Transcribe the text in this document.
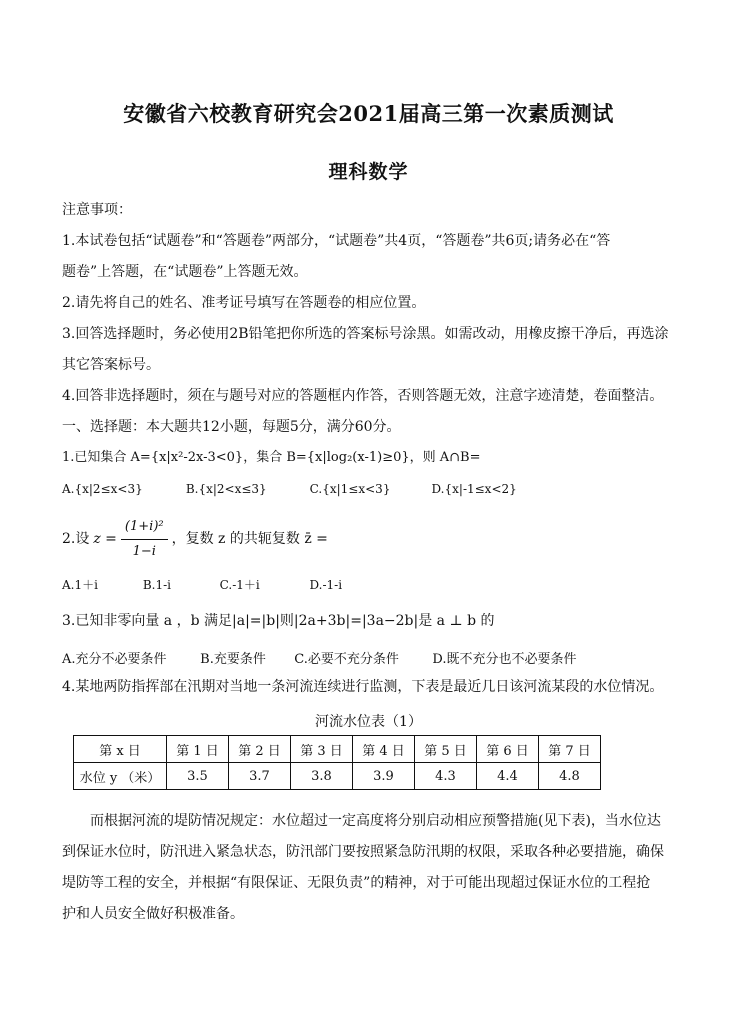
安徽省六校教育研究会2021届高三第一次素质测试
理科数学
注意事项：
1.本试卷包括“试题卷”和“答题卷”两部分，“试题卷”共4页，“答题卷”共6页;请务必在“答
题卷”上答题，在“试题卷”上答题无效。
2.请先将自己的姓名、准考证号填写在答题卷的相应位置。
3.回答选择题时，务必使用2B铅笔把你所选的答案标号涂黑。如需改动，用橡皮擦干净后，再选涂
其它答案标号。
4.回答非选择题时，须在与题号对应的答题框内作答，否则答题无效，注意字迹清楚，卷面整洁。
一、选择题：本大题共12小题，每题5分，满分60分。
1.已知集合 A={x|x²-2x-3<0}，集合 B={x|log₂(x-1)≥0}，则 A∩B=
A.{x|2≤x<3}	B.{x|2<x≤3}	C.{x|1≤x<3}	D.{x|-1≤x<2}
2.设 $z = \frac{\text{(1+i)²}}{1-i}$ ，复数 z 的共轭复数 z̄ =
A.1＋i	B.1-i	C.-1＋i	D.-1-i
3.已知非零向量 a ，b 满足|a|=|b|则|2a+3b|=|3a−2b|是 a ⊥ b 的
A.充分不必要条件	B.充要条件 C.必要不充分条件	D.既不充分也不必要条件
4.某地两防指挥部在汛期对当地一条河流连续进行监测，下表是最近几日该河流某段的水位情况。
河流水位表（1）
第 x 日	第 1 日	第 2 日	第 3 日	第 4 日	第 5 日	第 6 日	第 7 日
水位 y （米）	3.5	3.7	3.8	3.9	4.3	4.4	4.8
而根据河流的堤防情况规定：水位超过一定高度将分别启动相应预警措施(见下表)，当水位达
到保证水位时，防汛进入紧急状态，防汛部门要按照紧急防汛期的权限，采取各种必要措施，确保
堤防等工程的安全，并根据“有限保证、无限负责”的精神，对于可能出现超过保证水位的工程抢
护和人员安全做好积极准备。
